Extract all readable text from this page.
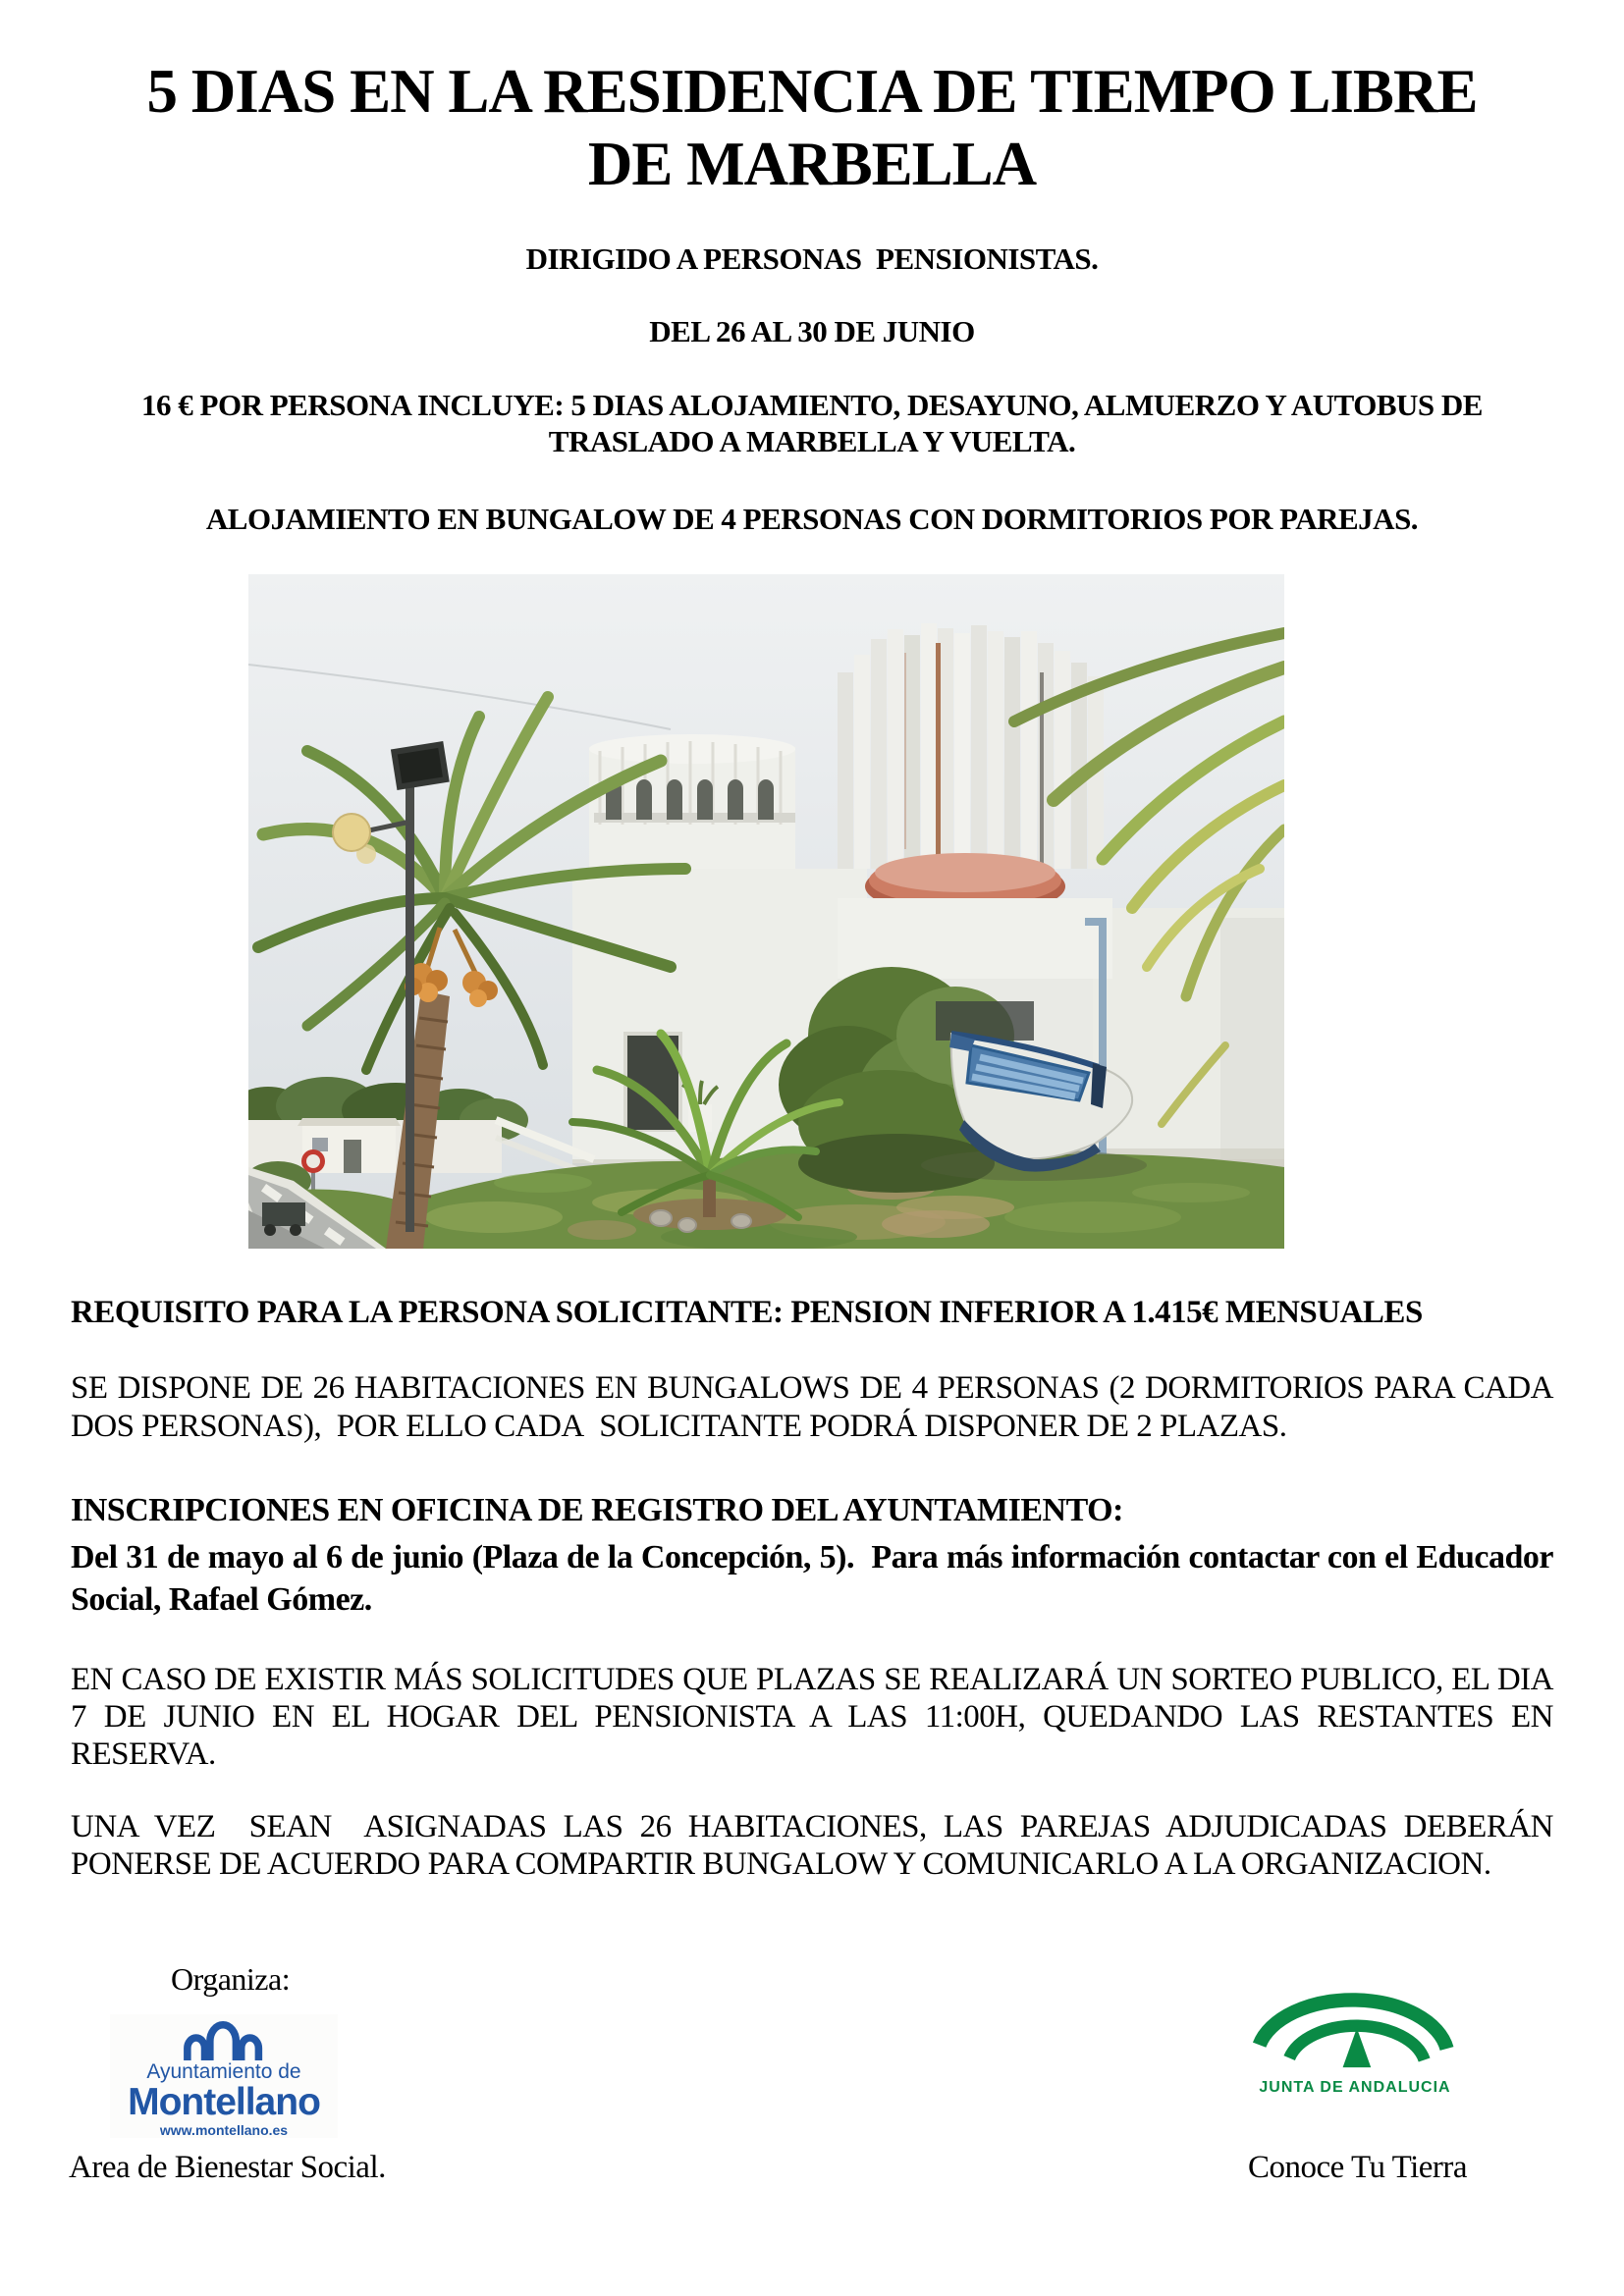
5 DIAS EN LA RESIDENCIA DE TIEMPO LIBRE
DE MARBELLA
DIRIGIDO A PERSONAS  PENSIONISTAS.
DEL 26 AL 30 DE JUNIO
16 € POR PERSONA INCLUYE: 5 DIAS ALOJAMIENTO, DESAYUNO, ALMUERZO Y AUTOBUS DE TRASLADO A MARBELLA Y VUELTA.
ALOJAMIENTO EN BUNGALOW DE 4 PERSONAS CON DORMITORIOS POR PAREJAS.
REQUISITO PARA LA PERSONA SOLICITANTE: PENSION INFERIOR A 1.415€ MENSUALES
SE DISPONE DE 26 HABITACIONES EN BUNGALOWS DE 4 PERSONAS (2 DORMITORIOS PARA CADA DOS PERSONAS),  POR ELLO CADA  SOLICITANTE PODRÁ DISPONER DE 2 PLAZAS.
INSCRIPCIONES EN OFICINA DE REGISTRO DEL AYUNTAMIENTO:
Del 31 de mayo al 6 de junio (Plaza de la Concepción, 5).  Para más información contactar con el Educador Social, Rafael Gómez.
EN CASO DE EXISTIR MÁS SOLICITUDES QUE PLAZAS SE REALIZARÁ UN SORTEO PUBLICO, EL DIA 7 DE JUNIO EN EL HOGAR DEL PENSIONISTA A LAS 11:00H, QUEDANDO LAS RESTANTES EN RESERVA.
UNA VEZ  SEAN  ASIGNADAS LAS 26 HABITACIONES, LAS PAREJAS ADJUDICADAS DEBERÁN PONERSE DE ACUERDO PARA COMPARTIR BUNGALOW Y COMUNICARLO A LA ORGANIZACION.
Organiza:
Ayuntamiento de
Montellano
www.montellano.es
JUNTA DE ANDALUCIA
Area de Bienestar Social.	Conoce Tu Tierra
